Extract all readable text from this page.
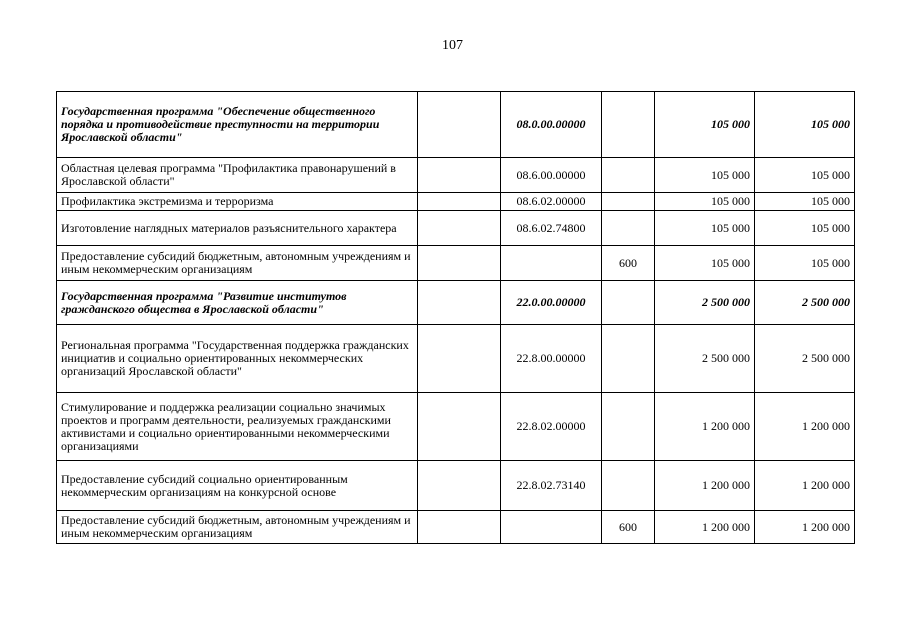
107
Государственная программа "Обеспечение общественного порядка и противодействие преступности на территории Ярославской области"		08.0.00.00000		105 000	105 000
Областная целевая программа "Профилактика правонарушений в Ярославской области"		08.6.00.00000		105 000	105 000
Профилактика экстремизма и терроризма		08.6.02.00000		105 000	105 000
Изготовление наглядных материалов разъяснительного характера		08.6.02.74800		105 000	105 000
Предоставление субсидий бюджетным, автономным учреждениям и иным некоммерческим организациям			600	105 000	105 000
Государственная программа "Развитие институтов гражданского общества в Ярославской области"		22.0.00.00000		2 500 000	2 500 000
Региональная программа "Государственная поддержка гражданских инициатив и социально ориентированных некоммерческих организаций Ярославской области"		22.8.00.00000		2 500 000	2 500 000
Стимулирование и поддержка реализации социально значимых проектов и программ деятельности, реализуемых гражданскими активистами и социально ориентированными некоммерческими организациями		22.8.02.00000		1 200 000	1 200 000
Предоставление субсидий социально ориентированным некоммерческим организациям на конкурсной основе		22.8.02.73140		1 200 000	1 200 000
Предоставление субсидий бюджетным, автономным учреждениям и иным некоммерческим организациям			600	1 200 000	1 200 000
